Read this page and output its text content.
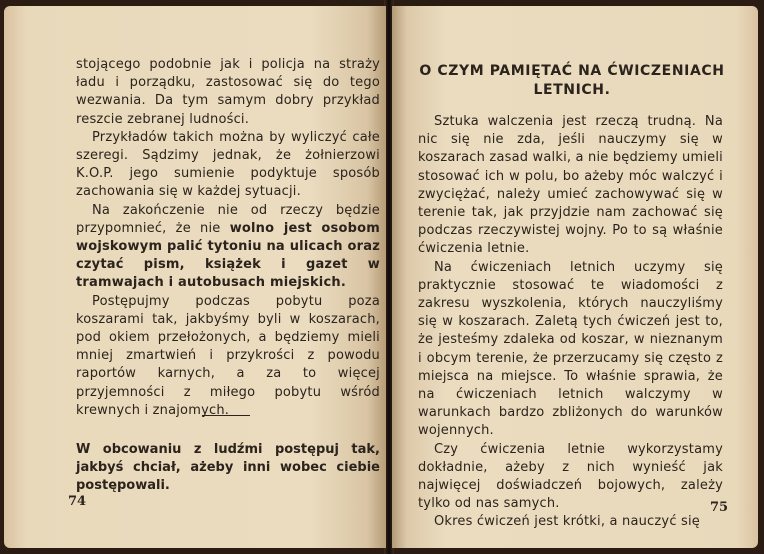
stojącego podobnie jak i policja na straży ładu i porządku, zastosować się do tego wezwania. Da tym samym dobry przykład reszcie zebranej ludności.

Przykładów takich można by wyliczyć całe szeregi. Sądzimy jednak, że żołnierzowi K.O.P. jego sumienie podyktuje sposób zachowania się w każdej sytuacji.

Na zakończenie nie od rzeczy będzie przypomnieć, że nie wolno jest osobom wojskowym palić tytoniu na ulicach oraz czytać pism, książek i gazet w tramwajach i autobusach miejskich.

Postępujmy podczas pobytu poza koszarami tak, jakbyśmy byli w koszarach, pod okiem przełożonych, a będziemy mieli mniej zmartwień i przykrości z powodu raportów karnych, a za to więcej przyjemności z miłego pobytu wśród krewnych i znajomych.

W obcowaniu z ludźmi postępuj tak, jakbyś chciał, ażeby inni wobec ciebie postępowali.
74
O CZYM PAMIĘTAĆ NA ĆWICZENIACH LETNICH.

Sztuka walczenia jest rzeczą trudną. Na nic się nie zda, jeśli nauczymy się w koszarach zasad walki, a nie będziemy umieli stosować ich w polu, bo ażeby móc walczyć i zwyciężać, należy umieć zachowywać się w terenie tak, jak przyjdzie nam zachować się podczas rzeczywistej wojny. Po to są właśnie ćwiczenia letnie.

Na ćwiczeniach letnich uczymy się praktycznie stosować te wiadomości z zakresu wyszkolenia, których nauczyliśmy się w koszarach. Zaletą tych ćwiczeń jest to, że jesteśmy zdaleka od koszar, w nieznanym i obcym terenie, że przerzucamy się często z miejsca na miejsce. To właśnie sprawia, że na ćwiczeniach letnich walczymy w warunkach bardzo zbliżonych do warunków wojennych.

Czy ćwiczenia letnie wykorzystamy dokładnie, ażeby z nich wynieść jak najwięcej doświadczeń bojowych, zależy tylko od nas samych.

Okres ćwiczeń jest krótki, a nauczyć się

75
